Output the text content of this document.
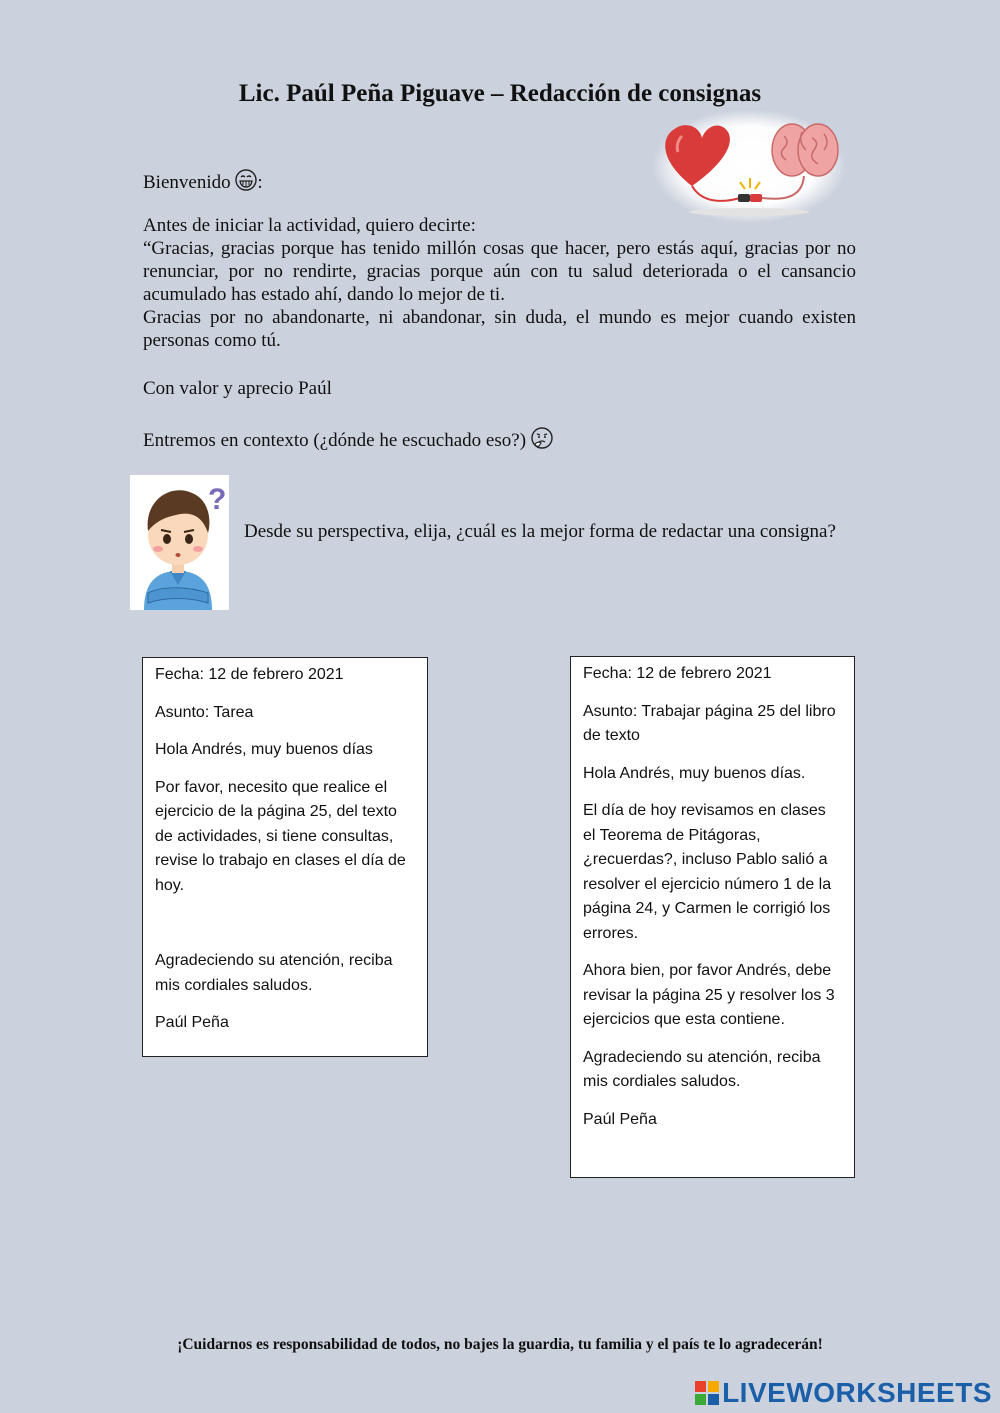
Lic. Paúl Peña Piguave – Redacción de consignas
Bienvenido :

Antes de iniciar la actividad, quiero decirte:

“Gracias, gracias porque has tenido millón cosas que hacer, pero estás aquí, gracias por no renunciar, por no rendirte, gracias porque aún con tu salud deteriorada o el cansancio acumulado has estado ahí, dando lo mejor de ti.

Gracias por no abandonarte, ni abandonar, sin duda, el mundo es mejor cuando existen personas como tú.

Con valor y aprecio Paúl
Entremos en contexto (¿dónde he escuchado eso?)
?
Desde su perspectiva, elija, ¿cuál es la mejor forma de redactar una consigna?

Fecha: 12 de febrero 2021

Asunto: Tarea

Hola Andrés, muy buenos días

Por favor, necesito que realice el ejercicio de la página 25, del texto de actividades, si tiene consultas, revise lo trabajo en clases el día de hoy.

Agradeciendo su atención, reciba mis cordiales saludos.

Paúl Peña

Fecha: 12 de febrero 2021

Asunto: Trabajar página 25 del libro de texto

Hola Andrés, muy buenos días.

El día de hoy revisamos en clases el Teorema de Pitágoras, ¿recuerdas?, incluso Pablo salió a resolver el ejercicio número 1 de la página 24, y Carmen le corrigió los errores.

Ahora bien, por favor Andrés, debe revisar la página 25 y resolver los 3 ejercicios que esta contiene.

Agradeciendo su atención, reciba mis cordiales saludos.

Paúl Peña

¡Cuidarnos es responsabilidad de todos, no bajes la guardia, tu familia y el país te lo agradecerán!
LIVEWORKSHEETS
